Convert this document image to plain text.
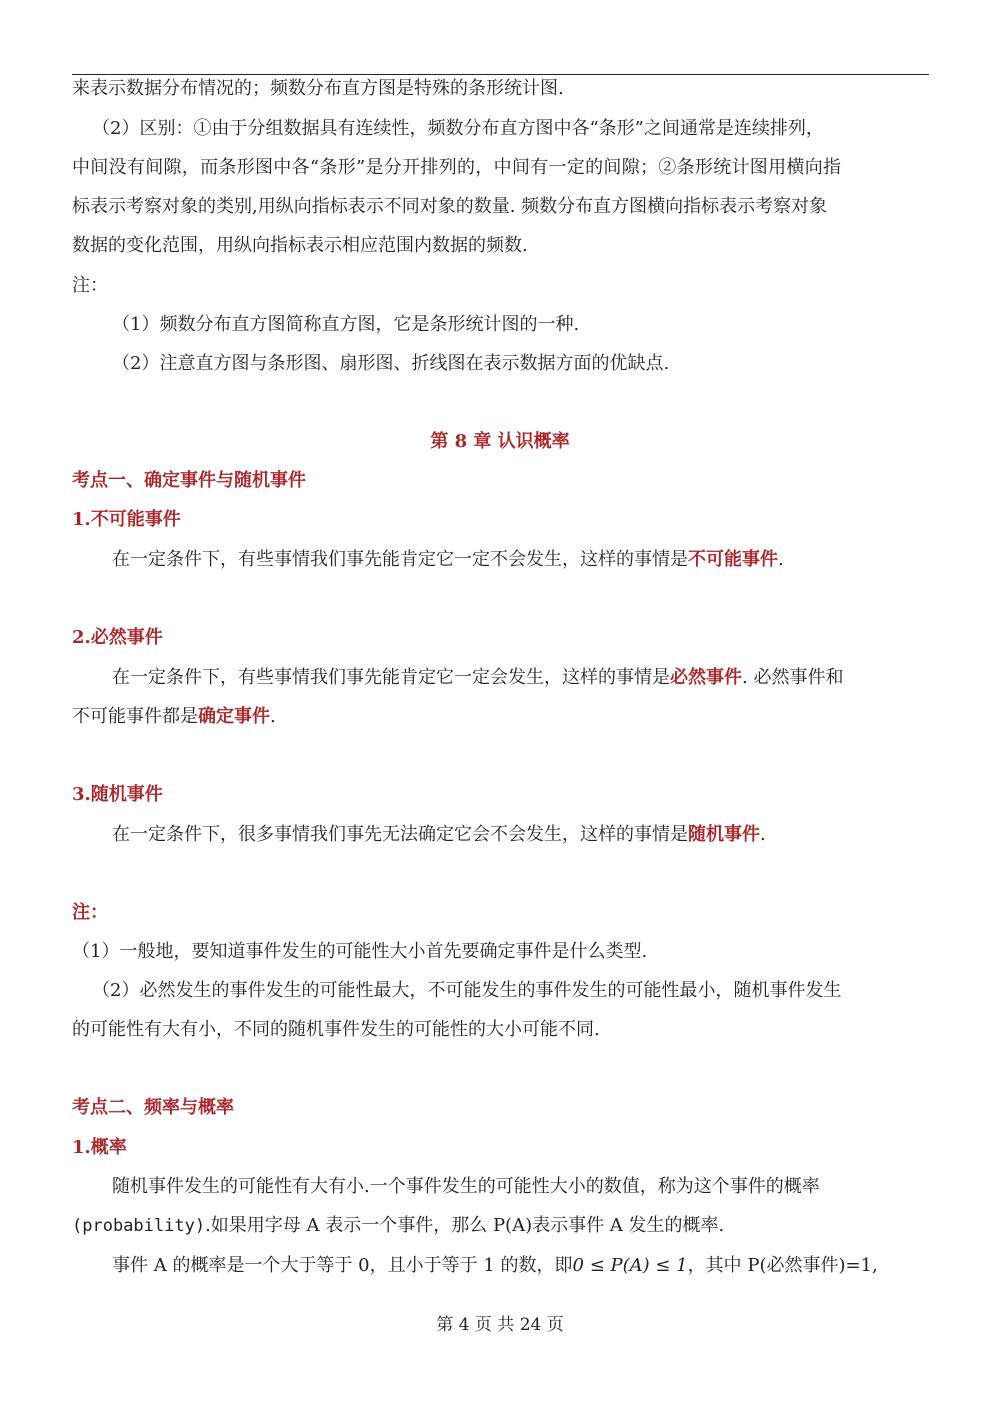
来表示数据分布情况的；频数分布直方图是特殊的条形统计图.
（2）区别：①由于分组数据具有连续性，频数分布直方图中各“条形”之间通常是连续排列，
中间没有间隙，而条形图中各“条形”是分开排列的，中间有一定的间隙；②条形统计图用横向指
标表示考察对象的类别,用纵向指标表示不同对象的数量. 频数分布直方图横向指标表示考察对象
数据的变化范围，用纵向指标表示相应范围内数据的频数.
注：
（1）频数分布直方图简称直方图，它是条形统计图的一种.
（2）注意直方图与条形图、扇形图、折线图在表示数据方面的优缺点.
第 8 章 认识概率
考点一、确定事件与随机事件
1.不可能事件
在一定条件下，有些事情我们事先能肯定它一定不会发生，这样的事情是不可能事件.
2.必然事件
在一定条件下，有些事情我们事先能肯定它一定会发生，这样的事情是必然事件. 必然事件和
不可能事件都是确定事件.
3.随机事件
在一定条件下，很多事情我们事先无法确定它会不会发生，这样的事情是随机事件.
注：
（1）一般地，要知道事件发生的可能性大小首先要确定事件是什么类型.
（2）必然发生的事件发生的可能性最大，不可能发生的事件发生的可能性最小，随机事件发生
的可能性有大有小，不同的随机事件发生的可能性的大小可能不同.
考点二、频率与概率
1.概率
随机事件发生的可能性有大有小.一个事件发生的可能性大小的数值，称为这个事件的概率
(probability).如果用字母 A 表示一个事件，那么 P(A)表示事件 A 发生的概率.
事件 A 的概率是一个大于等于 0，且小于等于 1 的数，即0 ≤ P(A) ≤ 1，其中 P(必然事件)=1,
第 4 页 共 24 页
